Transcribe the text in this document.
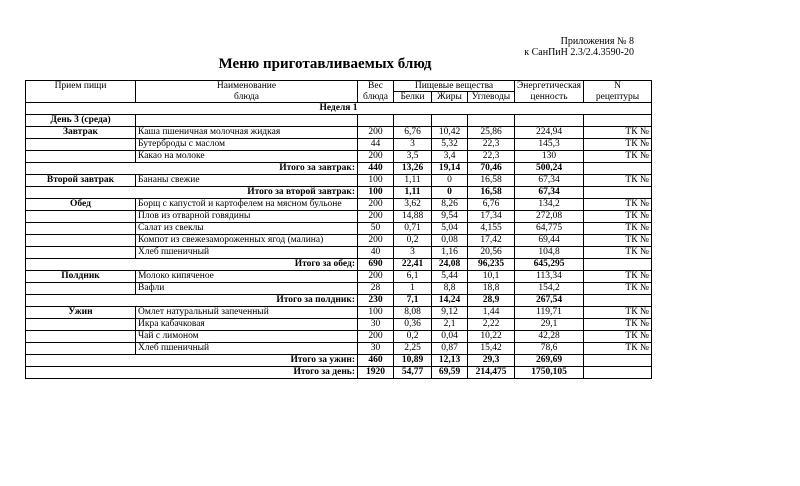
Приложения № 8
к СанПиН 2.3/2.4.3590-20
Меню приготавливаемых блюд
Прием пищи	Наименование	Вес	Пищевые вещества			Энергетическая	N
	блюда	блюда	Белки	Жиры	Углеводы	ценность	рецептуры
Неделя 1							
День 3 (среда)							
Завтрак	Каша пшеничная молочная жидкая	200	6,76	10,42	25,86	224,94	ТК №
	Бутерброды с маслом	44	3	5,32	22,3	145,3	ТК №
	Какао на молоке	200	3,5	3,4	22,3	130	ТК №
Итого за завтрак:		440	13,26	19,14	70,46	500,24	
Второй завтрак	Бананы свежие	100	1,11	0	16,58	67,34	ТК №
Итого за второй завтрак:		100	1,11	0	16,58	67,34	
Обед	Борщ с капустой и картофелем на мясном бульоне	200	3,62	8,26	6,76	134,2	ТК №
	Плов из отварной говядины	200	14,88	9,54	17,34	272,08	ТК №
	Салат из свеклы	50	0,71	5,04	4,155	64,775	ТК №
	Компот из свежезамороженных ягод (малина)	200	0,2	0,08	17,42	69,44	ТК №
	Хлеб пшеничный	40	3	1,16	20,56	104,8	ТК №
Итого за обед:		690	22,41	24,08	96,235	645,295	
Полдник	Молоко кипяченое	200	6,1	5,44	10,1	113,34	ТК №
	Вафли	28	1	8,8	18,8	154,2	ТК №
Итого за полдник:		230	7,1	14,24	28,9	267,54	
Ужин	Омлет натуральный запеченный	100	8,08	9,12	1,44	119,71	ТК №
	Икра кабачковая	30	0,36	2,1	2,22	29,1	ТК №
	Чай с лимоном	200	0,2	0,04	10,22	42,28	ТК №
	Хлеб пшеничный	30	2,25	0,87	15,42	78,6	ТК №
Итого за ужин:		460	10,89	12,13	29,3	269,69	
Итого за день:		1920	54,77	69,59	214,475	1750,105	
